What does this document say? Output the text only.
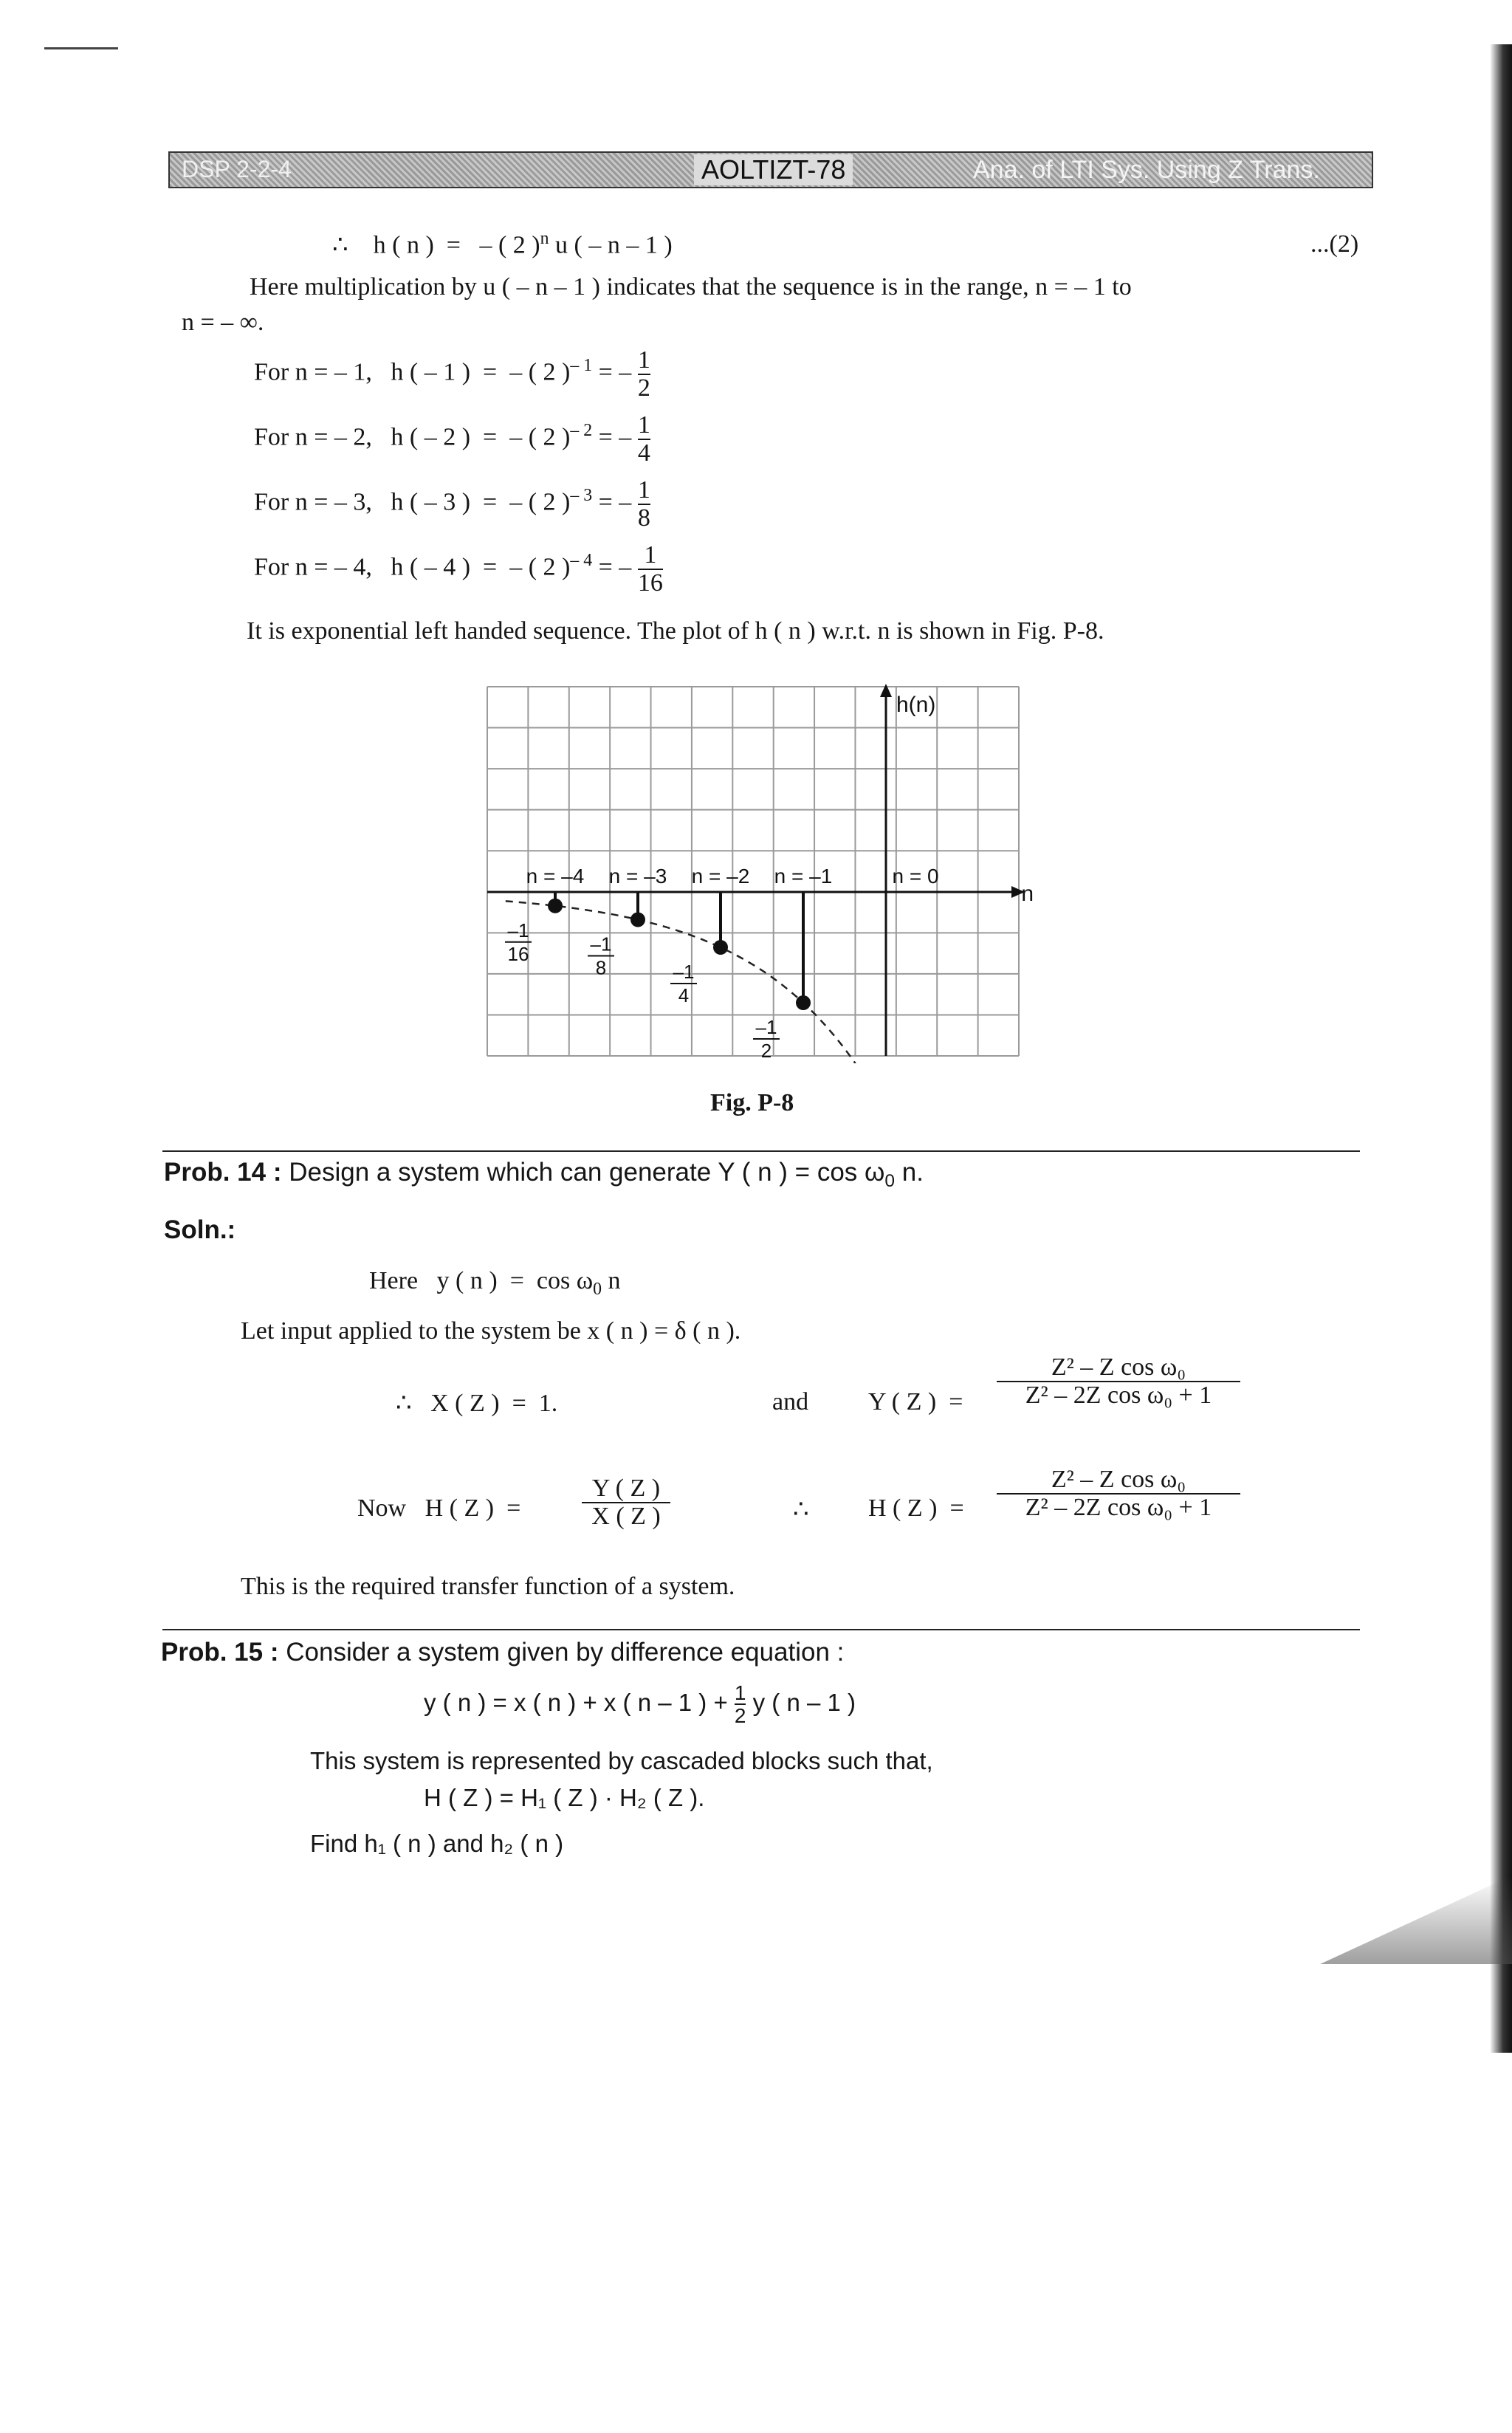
DSP 2-2-4	AOLTIZT-78	Ana. of LTI Sys. Using Z Trans.
∴ h ( n )  = – ( 2 )$^n$ u ( – n – 1 )	...(2)
Here multiplication by u ( – n – 1 ) indicates that the sequence is in the range, n = – 1 to
n = – ∞.
For n = – 1, h ( – 1 )  =  – ( 2 )$^{- 1}$ = – $\frac{1}{2}$
For n = – 2, h ( – 2 )  =  – ( 2 )$^{- 2}$ = – $\frac{1}{4}$
For n = – 3, h ( – 3 )  =  – ( 2 )$^{- 3}$ = – $\frac{1}{8}$
For n = – 4, h ( – 4 )  =  – ( 2 )$^{- 4}$ = – $\frac{1}{16}$
It is exponential left handed sequence. The plot of h ( n ) w.r.t. n is shown in Fig. P-8.
n
h(n)
n = –4 n = –3 n = –2 n = –1	n = 0
–1
16	–1
8	–1
4
–1
2
Fig. P-8
Prob. 14 : Design a system which can generate Y ( n ) = $\cos \omega_0$ n.
Soln.:
Here   y ( n )  =  $\cos \omega_0$ n
Let input applied to the system be x ( n ) = δ ( n ).
∴   X ( Z )  =  1.	and Y ( Z )  = $\frac{\text{Z² – Z cos ω₀}}{\text{Z² – 2Z cos ω₀ + 1}}$
Now   H ( Z )  = $\frac{Y ( Z )}{X ( Z )}$	∴ H ( Z )  = $\frac{\text{Z² – Z cos ω₀}}{\text{Z² – 2Z cos ω₀ + 1}}$
This is the required transfer function of a system.
Prob. 15 : Consider a system given by difference equation :
y ( n ) = x ( n ) + x ( n – 1 ) + $\frac{1}{2}$ y ( n – 1 )
This system is represented by cascaded blocks such that,
H ( Z ) = H₁ ( Z ) · H₂ ( Z ).
Find h₁ ( n ) and h₂ ( n )
